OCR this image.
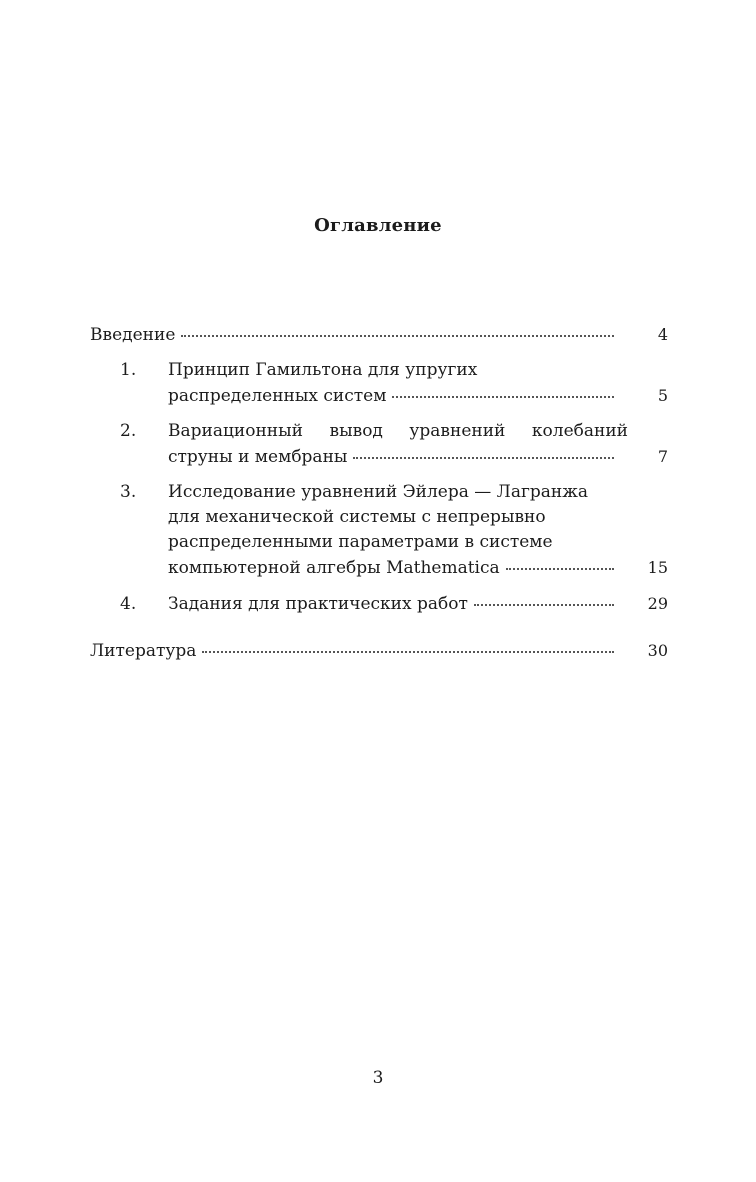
Оглавление
Введение	4
1.	Принцип Гамильтона для упругих
распределенных систем	5
2.	Вариационный вывод уравнений колебаний
струны и мембраны	7
3.	Исследование уравнений Эйлера — Лагранжа
для механической системы с непрерывно
распределенными параметрами в системе
компьютерной алгебры Mathematica	15
4.	Задания для практических работ	29
Литература	30
3
